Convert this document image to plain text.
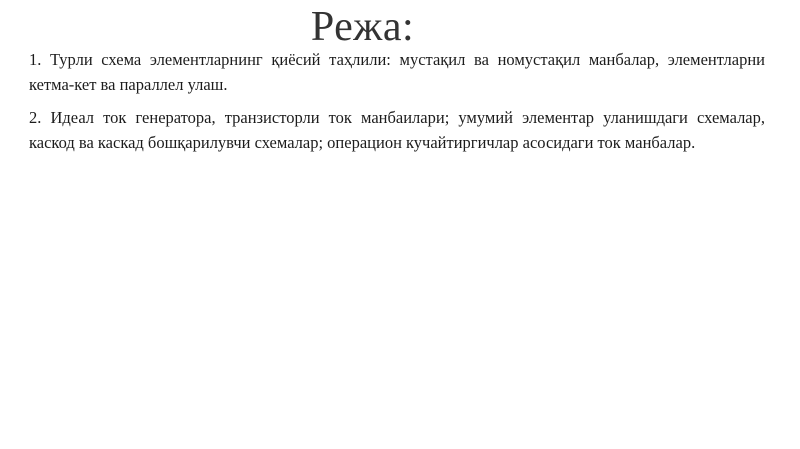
Режа:

1. Турли схема элементларнинг қиёсий таҳлили: мустақил ва номустақил манбалар, элементларни кетма-кет ва параллел улаш.

2. Идеал ток генератора, транзисторли ток манбаилари; умумий элементар уланишдаги схемалар, каскод ва каскад бошқарилувчи схемалар; операцион кучайтиргичлар асосидаги ток манбалар.
